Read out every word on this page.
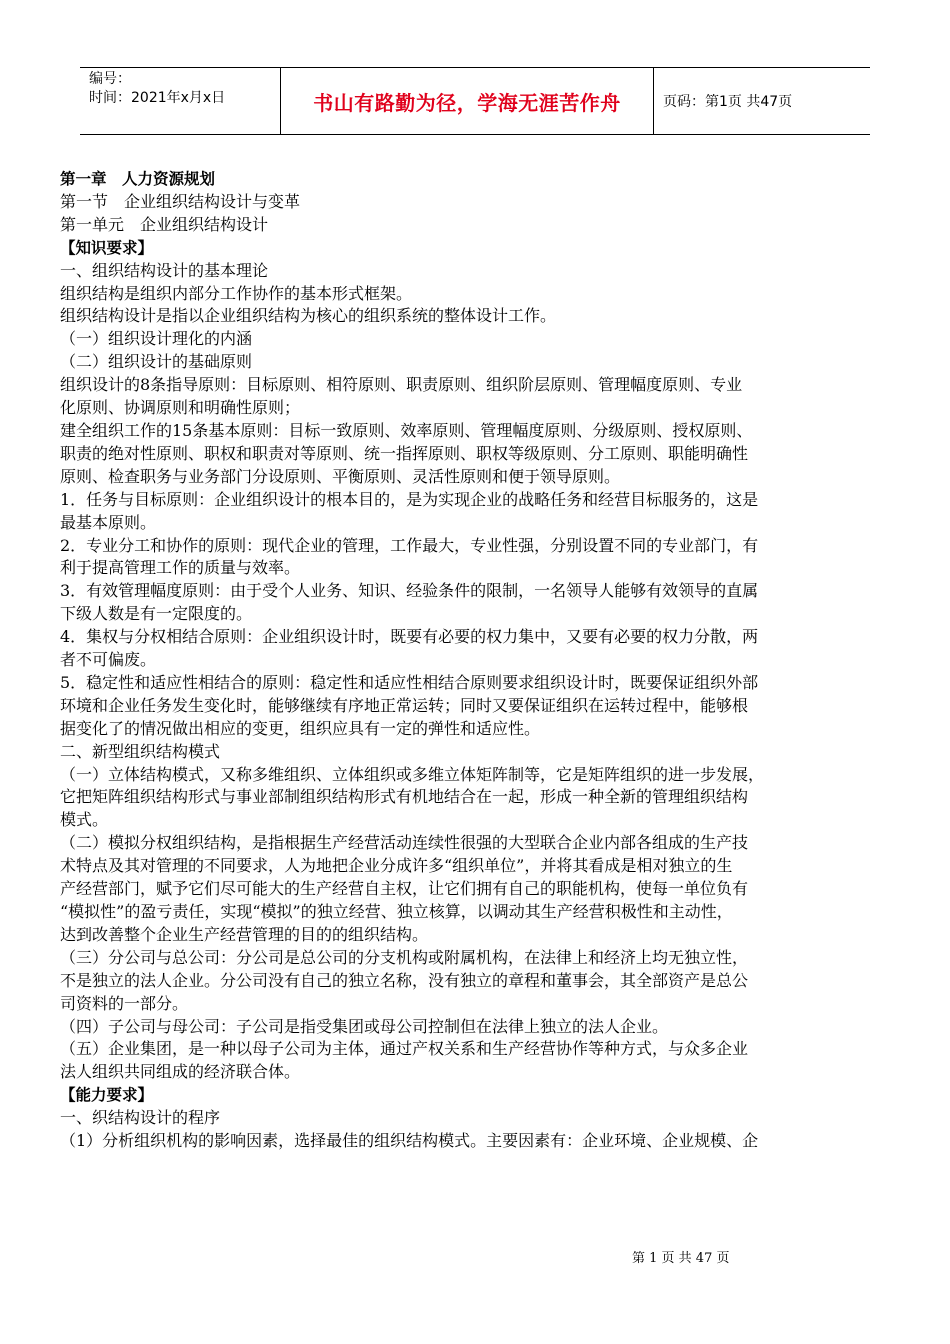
编号：
时间：2021年x月x日	书山有路勤为径，学海无涯苦作舟	页码：第1页 共47页
第一章　人力资源规划
第一节　企业组织结构设计与变革
第一单元　企业组织结构设计
【知识要求】
一、组织结构设计的基本理论
组织结构是组织内部分工作协作的基本形式框架。
组织结构设计是指以企业组织结构为核心的组织系统的整体设计工作。
（一）组织设计理化的内涵
（二）组织设计的基础原则
组织设计的8条指导原则：目标原则、相符原则、职责原则、组织阶层原则、管理幅度原则、专业
化原则、协调原则和明确性原则；
建全组织工作的15条基本原则：目标一致原则、效率原则、管理幅度原则、分级原则、授权原则、
职责的绝对性原则、职权和职责对等原则、统一指挥原则、职权等级原则、分工原则、职能明确性
原则、检查职务与业务部门分设原则、平衡原则、灵活性原则和便于领导原则。
1．任务与目标原则：企业组织设计的根本目的，是为实现企业的战略任务和经营目标服务的，这是
最基本原则。
2．专业分工和协作的原则：现代企业的管理，工作最大，专业性强，分别设置不同的专业部门，有
利于提高管理工作的质量与效率。
3．有效管理幅度原则：由于受个人业务、知识、经验条件的限制，一名领导人能够有效领导的直属
下级人数是有一定限度的。
4．集权与分权相结合原则：企业组织设计时，既要有必要的权力集中，又要有必要的权力分散，两
者不可偏废。
5．稳定性和适应性相结合的原则：稳定性和适应性相结合原则要求组织设计时，既要保证组织外部
环境和企业任务发生变化时，能够继续有序地正常运转；同时又要保证组织在运转过程中，能够根
据变化了的情况做出相应的变更，组织应具有一定的弹性和适应性。
二、新型组织结构模式
（一）立体结构模式，又称多维组织、立体组织或多维立体矩阵制等，它是矩阵组织的进一步发展，
它把矩阵组织结构形式与事业部制组织结构形式有机地结合在一起，形成一种全新的管理组织结构
模式。
（二）模拟分权组织结构，是指根据生产经营活动连续性很强的大型联合企业内部各组成的生产技
术特点及其对管理的不同要求，人为地把企业分成许多“组织单位”，并将其看成是相对独立的生
产经营部门，赋予它们尽可能大的生产经营自主权，让它们拥有自己的职能机构，使每一单位负有
“模拟性”的盈亏责任，实现“模拟”的独立经营、独立核算，以调动其生产经营积极性和主动性，
达到改善整个企业生产经营管理的目的的组织结构。
（三）分公司与总公司：分公司是总公司的分支机构或附属机构，在法律上和经济上均无独立性，
不是独立的法人企业。分公司没有自己的独立名称，没有独立的章程和董事会，其全部资产是总公
司资料的一部分。
（四）子公司与母公司：子公司是指受集团或母公司控制但在法律上独立的法人企业。
（五）企业集团，是一种以母子公司为主体，通过产权关系和生产经营协作等种方式，与众多企业
法人组织共同组成的经济联合体。
【能力要求】
一、织结构设计的程序
（1）分析组织机构的影响因素，选择最佳的组织结构模式。主要因素有：企业环境、企业规模、企
第 1 页 共 47 页
